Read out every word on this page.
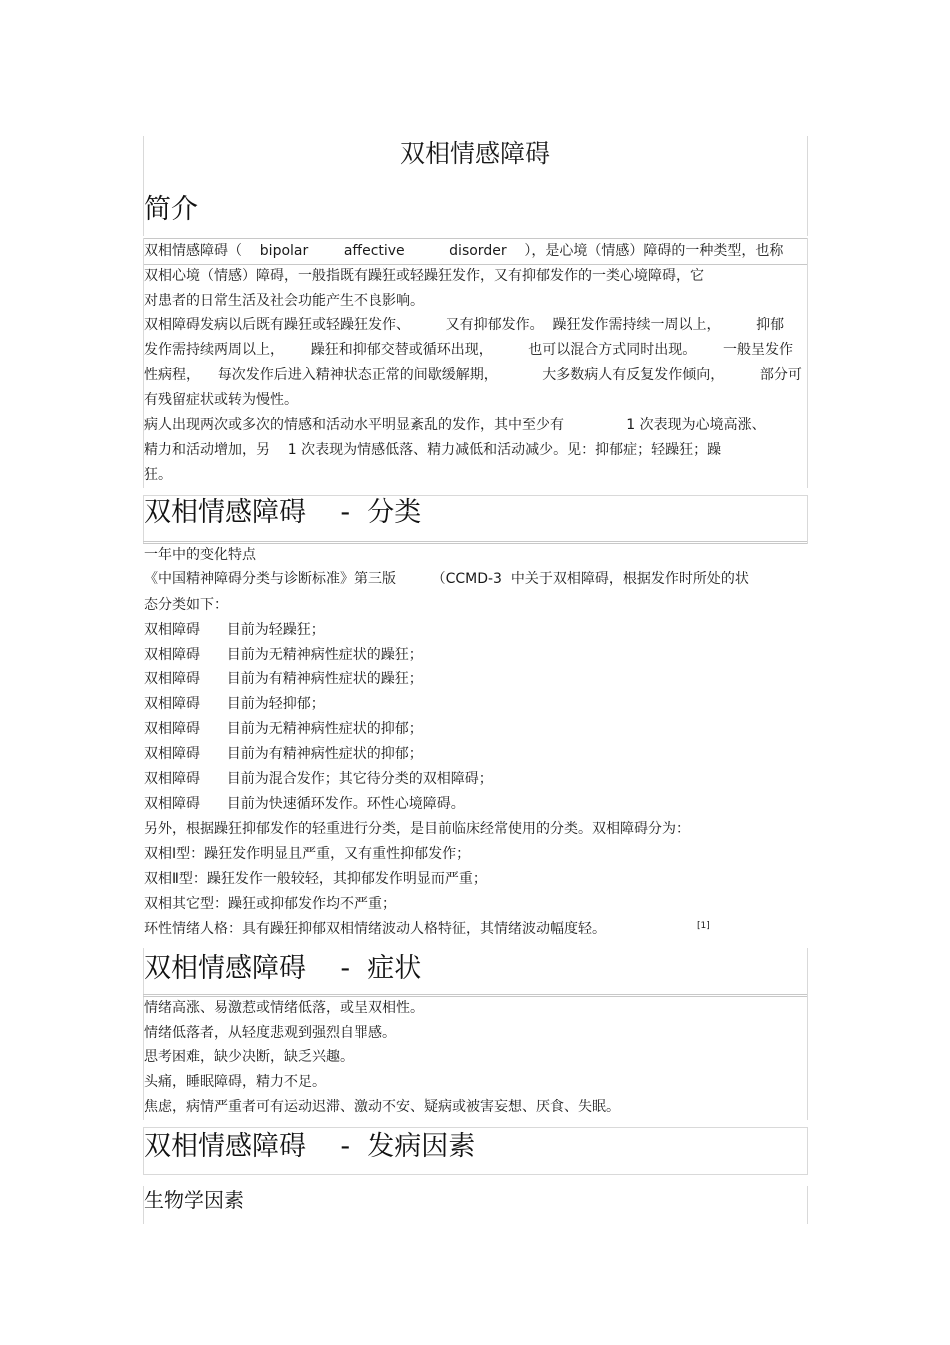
双相情感障碍
简介
双相情感障碍（    bipolar        affective          disorder    ），是心境（情感）障碍的一种类型，也称
双相心境（情感）障碍，一般指既有躁狂或轻躁狂发作，又有抑郁发作的一类心境障碍，它
对患者的日常生活及社会功能产生不良影响。
双相障碍发病以后既有躁狂或轻躁狂发作、        又有抑郁发作。  躁狂发作需持续一周以上，        抑郁
发作需持续两周以上，      躁狂和抑郁交替或循环出现，        也可以混合方式同时出现。      一般呈发作
性病程，    每次发作后进入精神状态正常的间歇缓解期，          大多数病人有反复发作倾向，        部分可
有残留症状或转为慢性。
病人出现两次或多次的情感和活动水平明显紊乱的发作，其中至少有              1 次表现为心境高涨、
精力和活动增加，另    1 次表现为情感低落、精力减低和活动减少。见：抑郁症；轻躁狂；躁
狂。
双相情感障碍    -  分类
一年中的变化特点
《中国精神障碍分类与诊断标准》第三版        （CCMD-3  中关于双相障碍，根据发作时所处的状
态分类如下：
双相障碍      目前为轻躁狂；
双相障碍      目前为无精神病性症状的躁狂；
双相障碍      目前为有精神病性症状的躁狂；
双相障碍      目前为轻抑郁；
双相障碍      目前为无精神病性症状的抑郁；
双相障碍      目前为有精神病性症状的抑郁；
双相障碍      目前为混合发作；其它待分类的双相障碍；
双相障碍      目前为快速循环发作。环性心境障碍。
另外，根据躁狂抑郁发作的轻重进行分类，是目前临床经常使用的分类。双相障碍分为：
双相Ⅰ型：躁狂发作明显且严重，又有重性抑郁发作；
双相Ⅱ型：躁狂发作一般较轻，其抑郁发作明显而严重；
双相其它型：躁狂或抑郁发作均不严重；
环性情绪人格：具有躁狂抑郁双相情绪波动人格特征，其情绪波动幅度轻。	[1]
双相情感障碍    -  症状
情绪高涨、易激惹或情绪低落，或呈双相性。
情绪低落者，从轻度悲观到强烈自罪感。
思考困难，缺少决断，缺乏兴趣。
头痛，睡眠障碍，精力不足。
焦虑，病情严重者可有运动迟滞、激动不安、疑病或被害妄想、厌食、失眠。
双相情感障碍    -  发病因素
生物学因素
